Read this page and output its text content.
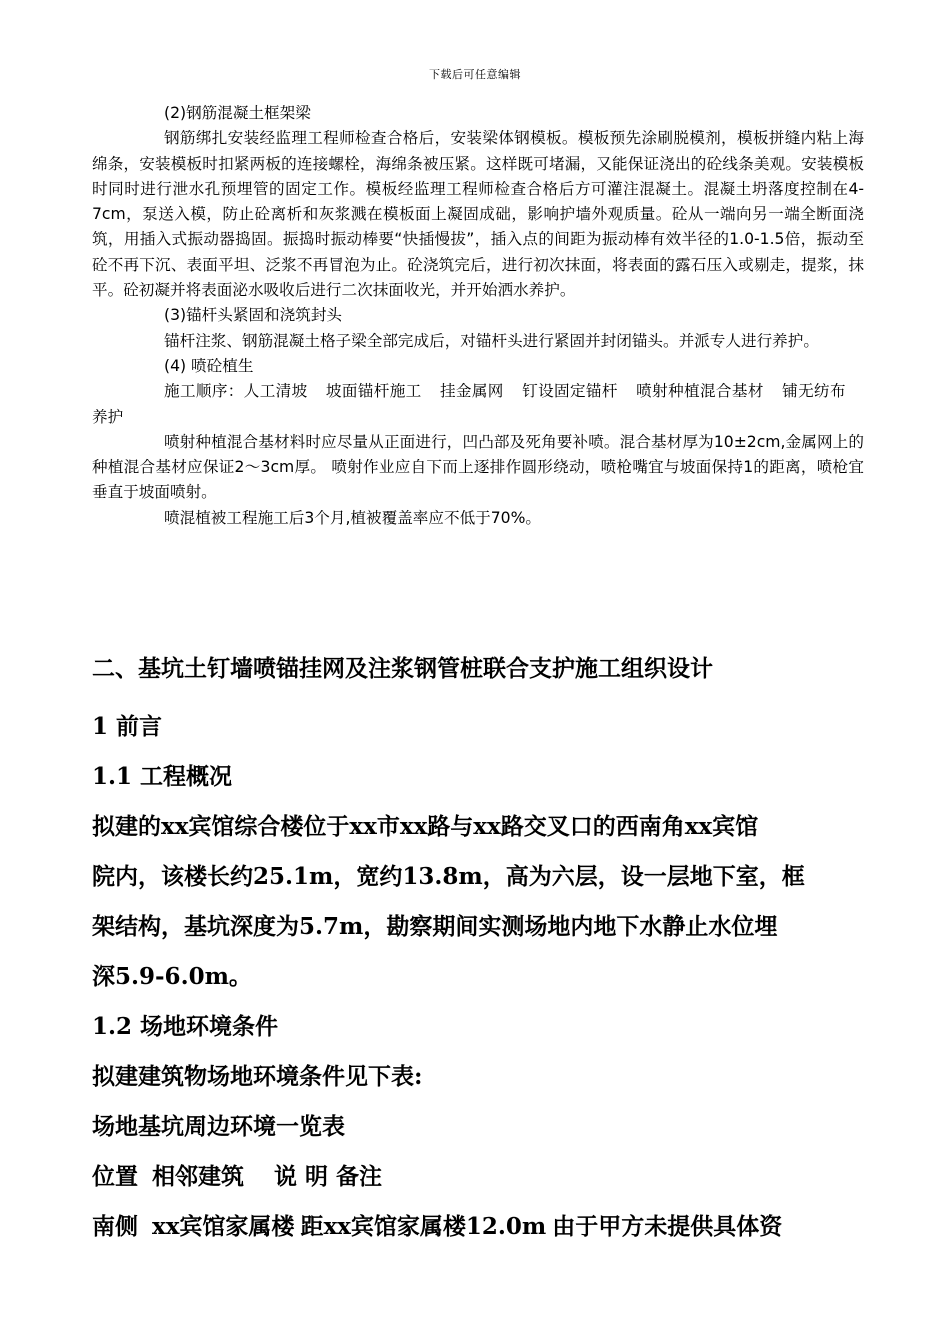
下载后可任意编辑

(2)钢筋混凝土框架梁

钢筋绑扎安装经监理工程师检查合格后，安装梁体钢模板。模板预先涂刷脱模剂，模板拼缝内粘上海绵条，安装模板时扣紧两板的连接螺栓，海绵条被压紧。这样既可堵漏，又能保证浇出的砼线条美观。安装模板时同时进行泄水孔预埋管的固定工作。模板经监理工程师检查合格后方可灌注混凝土。混凝土坍落度控制在4-7cm，泵送入模，防止砼离析和灰浆溅在模板面上凝固成础，影响护墙外观质量。砼从一端向另一端全断面浇筑，用插入式振动器捣固。振捣时振动棒要“快插慢拔”，插入点的间距为振动棒有效半径的1.0-1.5倍，振动至砼不再下沉、表面平坦、泛浆不再冒泡为止。砼浇筑完后，进行初次抹面，将表面的露石压入或剔走，提浆，抹平。砼初凝并将表面泌水吸收后进行二次抹面收光，并开始洒水养护。

(3)锚杆头紧固和浇筑封头

锚杆注浆、钢筋混凝土格子梁全部完成后，对锚杆头进行紧固并封闭锚头。并派专人进行养护。

(4) 喷砼植生

施工顺序：人工清坡 坡面锚杆施工 挂金属网 钉设固定锚杆 喷射种植混合基材 铺无纺布养护

喷射种植混合基材料时应尽量从正面进行，凹凸部及死角要补喷。混合基材厚为10±2cm,金属网上的种植混合基材应保证2～3cm厚。 喷射作业应自下而上逐排作圆形绕动，喷枪嘴宜与坡面保持1的距离，喷枪宜垂直于坡面喷射。

喷混植被工程施工后3个月,植被覆盖率应不低于70%。

二、基坑土钉墙喷锚挂网及注浆钢管桩联合支护施工组织设计

1 前言

1.1 工程概况

拟建的xx宾馆综合楼位于xx市xx路与xx路交叉口的西南角xx宾馆

院内，该楼长约25.1m，宽约13.8m，高为六层，设一层地下室，框

架结构，基坑深度为5.7m，勘察期间实测场地内地下水静止水位埋

深5.9-6.0m。

1.2 场地环境条件

拟建建筑物场地环境条件见下表:

场地基坑周边环境一览表

位置 相邻建筑 说 明 备注

南侧 xx宾馆家属楼 距xx宾馆家属楼12.0m 由于甲方未提供具体资
